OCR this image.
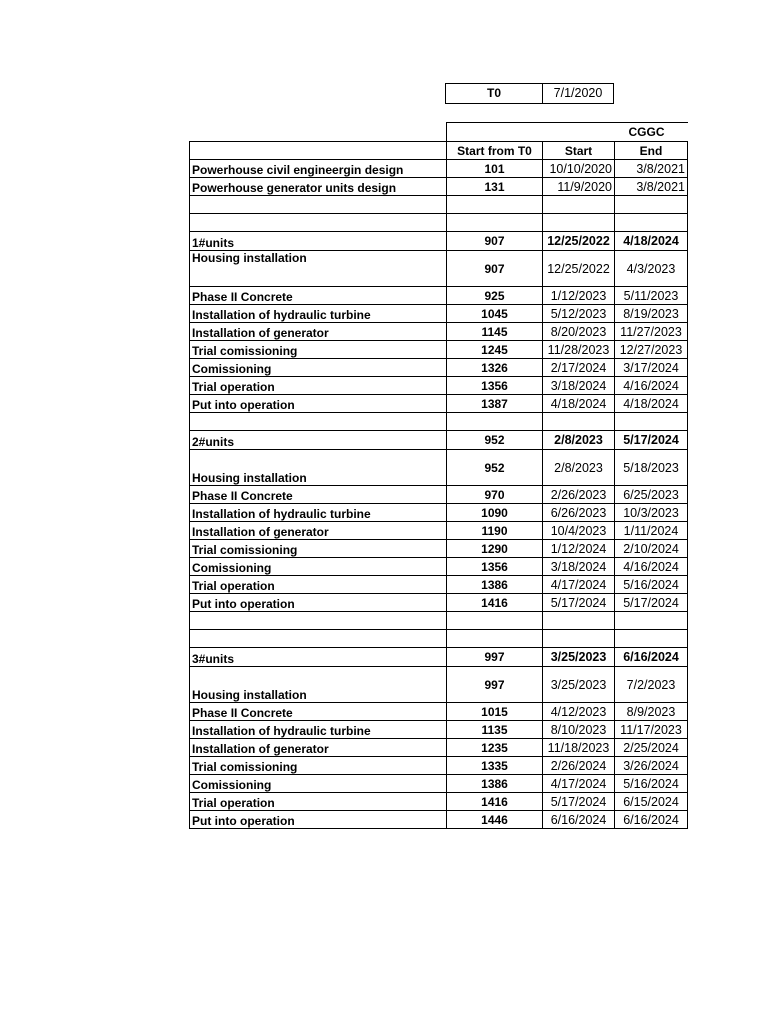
T0	7/1/2020
			CGGC
	Start from T0	Start	End
Powerhouse civil engineergin design	101	10/10/2020	3/8/2021
Powerhouse generator units design	131	11/9/2020	3/8/2021

1#units	907	12/25/2022	4/18/2024
Housing installation	907	12/25/2022	4/3/2023
Phase II Concrete	925	1/12/2023	5/11/2023
Installation of hydraulic turbine	1045	5/12/2023	8/19/2023
Installation of generator	1145	8/20/2023	11/27/2023
Trial comissioning	1245	11/28/2023	12/27/2023
Comissioning	1326	2/17/2024	3/17/2024
Trial operation	1356	3/18/2024	4/16/2024
Put into operation	1387	4/18/2024	4/18/2024

2#units	952	2/8/2023	5/17/2024
Housing installation	952	2/8/2023	5/18/2023
Phase II Concrete	970	2/26/2023	6/25/2023
Installation of hydraulic turbine	1090	6/26/2023	10/3/2023
Installation of generator	1190	10/4/2023	1/11/2024
Trial comissioning	1290	1/12/2024	2/10/2024
Comissioning	1356	3/18/2024	4/16/2024
Trial operation	1386	4/17/2024	5/16/2024
Put into operation	1416	5/17/2024	5/17/2024

3#units	997	3/25/2023	6/16/2024
Housing installation	997	3/25/2023	7/2/2023
Phase II Concrete	1015	4/12/2023	8/9/2023
Installation of hydraulic turbine	1135	8/10/2023	11/17/2023
Installation of generator	1235	11/18/2023	2/25/2024
Trial comissioning	1335	2/26/2024	3/26/2024
Comissioning	1386	4/17/2024	5/16/2024
Trial operation	1416	5/17/2024	6/15/2024
Put into operation	1446	6/16/2024	6/16/2024
